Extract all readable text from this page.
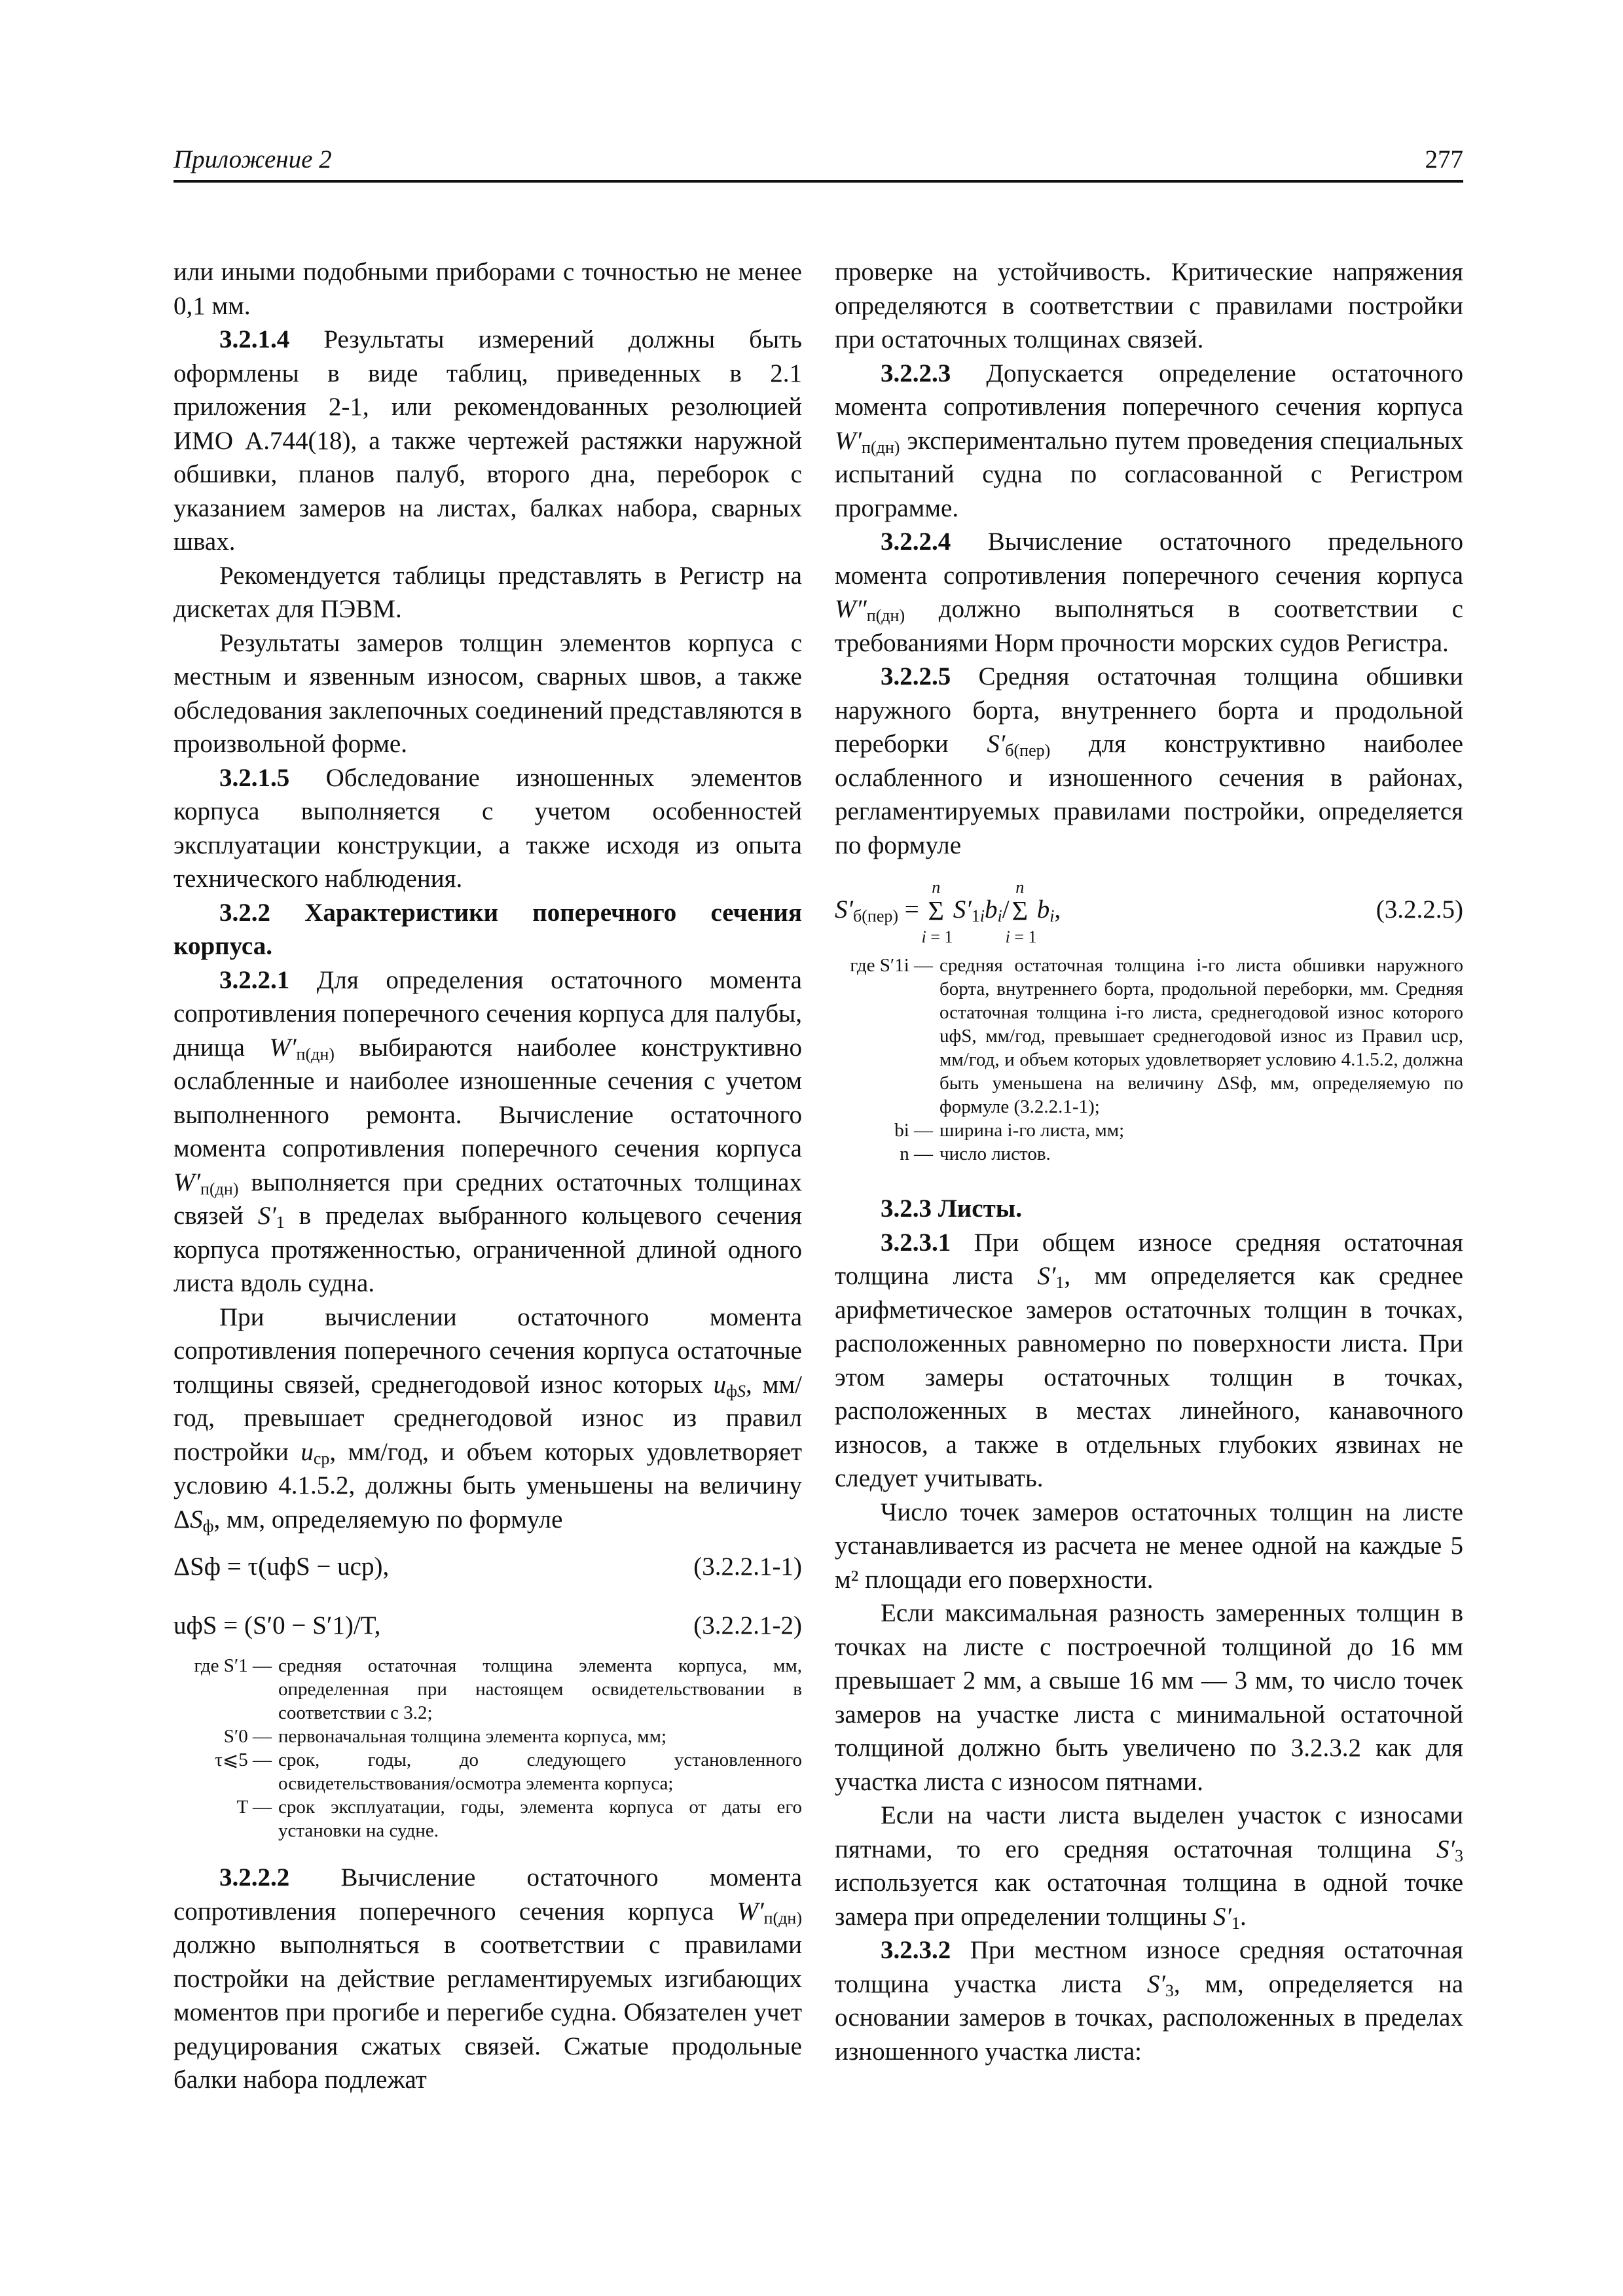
Приложение 2	277

или иными подобными приборами с точностью не менее 0,1 мм.

3.2.1.4 Результаты измерений должны быть оформлены в виде таблиц, приведенных в 2.1 приложения 2-1, или рекомендованных резолюцией ИМО А.744(18), а также чертежей растяжки наружной обшивки, планов палуб, второго дна, переборок с указанием замеров на листах, балках набора, сварных швах.

Рекомендуется таблицы представлять в Регистр на дискетах для ПЭВМ.

Результаты замеров толщин элементов корпуса с местным и язвенным износом, сварных швов, а также обследования заклепочных соединений представляются в произвольной форме.

3.2.1.5 Обследование изношенных элементов корпуса выполняется с учетом особенностей эксплуатации конструкции, а также исходя из опыта технического наблюдения.

3.2.2 Характеристики поперечного сечения корпуса.

3.2.2.1 Для определения остаточного момента сопротивления поперечного сечения корпуса для палубы, днища $W'_{п(дн)}$ выбираются наиболее конструктивно ослабленные и наиболее изношенные сечения с учетом выполненного ремонта. Вычисление остаточного момента сопротивления поперечного сечения корпуса $W'_{п(дн)}$ выполняется при средних остаточных толщинах связей $S'_1$ в пределах выбранного кольцевого сечения корпуса протяженностью, ограниченной длиной одного листа вдоль судна.

При вычислении остаточного момента сопротивления поперечного сечения корпуса остаточные толщины связей, среднегодовой износ которых $u_{фS}$, мм/год, превышает среднегодовой износ из правил постройки $u_{ср}$, мм/год, и объем которых удовлетворяет условию 4.1.5.2, должны быть уменьшены на величину $\Delta S_ф$, мм, определяемую по формуле

ΔSф = τ(uфS − uср),	(3.2.2.1-1)
uфS = (S′0 − S′1)/T,	(3.2.2.1-2)
где S′1 — средняя остаточная толщина элемента корпуса, мм, определенная при настоящем освидетельствовании в соответствии с 3.2;
S′0 — первоначальная толщина элемента корпуса, мм;
τ⩽5 — срок, годы, до следующего установленного освидетельствования/осмотра элемента корпуса;
T — срок эксплуатации, годы, элемента корпуса от даты его установки на судне.

3.2.2.2 Вычисление остаточного момента сопротивления поперечного сечения корпуса $W'_{п(дн)}$ должно выполняться в соответствии с правилами постройки на действие регламентируемых изгибающих моментов при прогибе и перегибе судна. Обязателен учет редуцирования сжатых связей. Сжатые продольные балки набора подлежат

проверке на устойчивость. Критические напряжения определяются в соответствии с правилами постройки при остаточных толщинах связей.

3.2.2.3 Допускается определение остаточного момента сопротивления поперечного сечения корпуса $W'_{п(дн)}$ экспериментально путем проведения специальных испытаний судна по согласованной с Регистром программе.

3.2.2.4 Вычисление остаточного предельного момента сопротивления поперечного сечения корпуса $W''_{п(дн)}$ должно выполняться в соответствии с требованиями Норм прочности морских судов Регистра.

3.2.2.5 Средняя остаточная толщина обшивки наружного борта, внутреннего борта и продольной переборки $S'_{б(пер)}$ для конструктивно наиболее ослабленного и изношенного сечения в районах, регламентируемых правилами постройки, определяется по формуле

$S'_{б(пер)}$ =
n
Σ
i = 1
$S'_{1i}b_i/$
n
Σ
i = 1
$b_i$,	(3.2.2.5)
где S′1i — средняя остаточная толщина i-го листа обшивки наружного борта, внутреннего борта, продольной переборки, мм. Средняя остаточная толщина i-го листа, среднегодовой износ которого uфS, мм/год, превышает среднегодовой износ из Правил uср, мм/год, и объем которых удовлетворяет условию 4.1.5.2, должна быть уменьшена на величину ΔSф, мм, определяемую по формуле (3.2.2.1-1);
bi — ширина i-го листа, мм;
n — число листов.

3.2.3 Листы.

3.2.3.1 При общем износе средняя остаточная толщина листа $S'_1$, мм определяется как среднее арифметическое замеров остаточных толщин в точках, расположенных равномерно по поверхности листа. При этом замеры остаточных толщин в точках, расположенных в местах линейного, канавочного износов, а также в отдельных глубоких язвинах не следует учитывать.

Число точек замеров остаточных толщин на листе устанавливается из расчета не менее одной на каждые 5 м² площади его поверхности.

Если максимальная разность замеренных толщин в точках на листе с построечной толщиной до 16 мм превышает 2 мм, а свыше 16 мм — 3 мм, то число точек замеров на участке листа с минимальной остаточной толщиной должно быть увеличено по 3.2.3.2 как для участка листа с износом пятнами.

Если на части листа выделен участок с износами пятнами, то его средняя остаточная толщина $S'_3$ используется как остаточная толщина в одной точке замера при определении толщины $S'_1$.

3.2.3.2 При местном износе средняя остаточная толщина участка листа $S'_3$, мм, определяется на основании замеров в точках, расположенных в пределах изношенного участка листа:
